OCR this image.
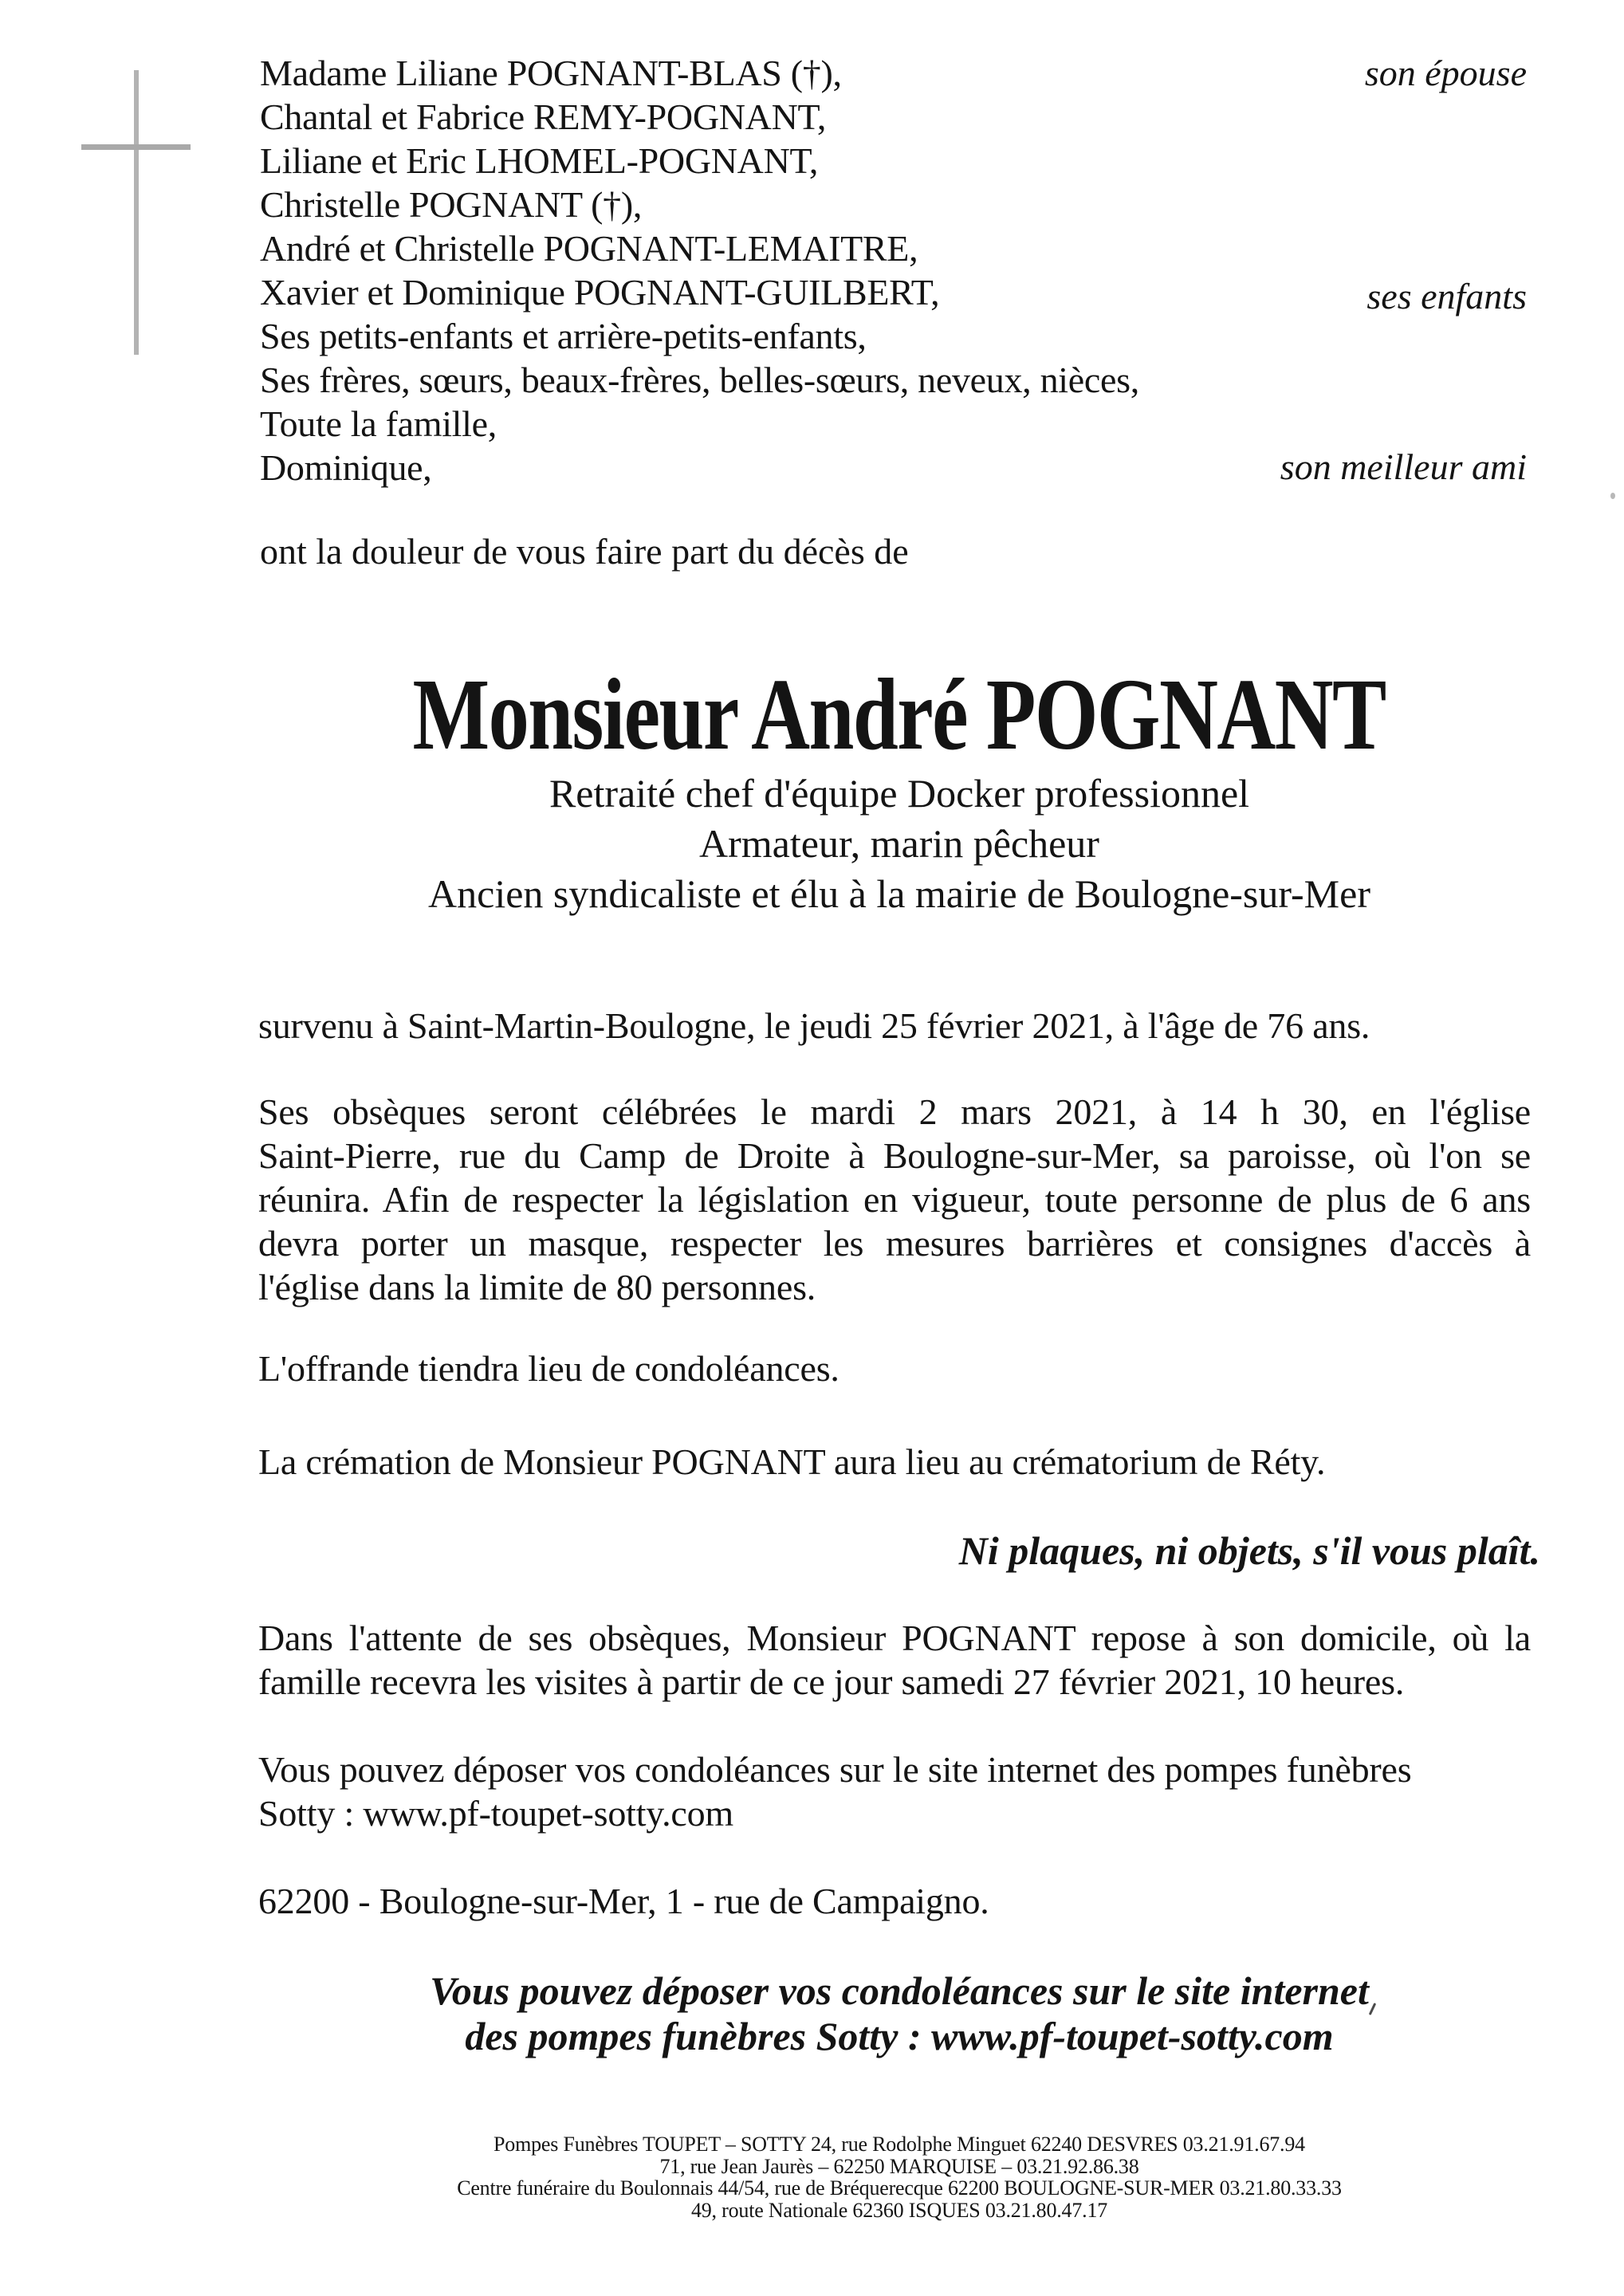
Madame Liliane POGNANT-BLAS (†),
Chantal et Fabrice REMY-POGNANT,
Liliane et Eric LHOMEL-POGNANT,
Christelle POGNANT (†),
André et Christelle POGNANT-LEMAITRE,
Xavier et Dominique POGNANT-GUILBERT,
Ses petits-enfants et arrière-petits-enfants,
Ses frères, sœurs, beaux-frères, belles-sœurs, neveux, nièces,
Toute la famille,
Dominique,
son épouse
ses enfants
son meilleur ami
ont la douleur de vous faire part du décès de
Monsieur André POGNANT
Retraité chef d'équipe Docker professionnel
Armateur, marin pêcheur
Ancien syndicaliste et élu à la mairie de Boulogne-sur-Mer
survenu à Saint-Martin-Boulogne, le jeudi 25 février 2021, à l'âge de 76 ans.
Ses obsèques seront célébrées le mardi 2 mars 2021, à 14 h 30, en l'église
Saint-Pierre, rue du Camp de Droite à Boulogne-sur-Mer, sa paroisse, où l'on se
réunira. Afin de respecter la législation en vigueur, toute personne de plus de 6 ans
devra porter un masque, respecter les mesures barrières et consignes d'accès à
l'église dans la limite de 80 personnes.
L'offrande tiendra lieu de condoléances.
La crémation de Monsieur POGNANT aura lieu au crématorium de Réty.
Ni plaques, ni objets, s'il vous plaît.
Dans l'attente de ses obsèques, Monsieur POGNANT repose à son domicile, où la
famille recevra les visites à partir de ce jour samedi 27 février 2021, 10 heures.
Vous pouvez déposer vos condoléances sur le site internet des pompes funèbres
Sotty : www.pf-toupet-sotty.com
62200 - Boulogne-sur-Mer, 1 - rue de Campaigno.
Vous pouvez déposer vos condoléances sur le site internet
des pompes funèbres Sotty : www.pf-toupet-sotty.com
Pompes Funèbres TOUPET – SOTTY 24, rue Rodolphe Minguet 62240 DESVRES 03.21.91.67.94
71, rue Jean Jaurès – 62250 MARQUISE – 03.21.92.86.38
Centre funéraire du Boulonnais 44/54, rue de Bréquerecque 62200 BOULOGNE-SUR-MER 03.21.80.33.33
49, route Nationale 62360 ISQUES 03.21.80.47.17
